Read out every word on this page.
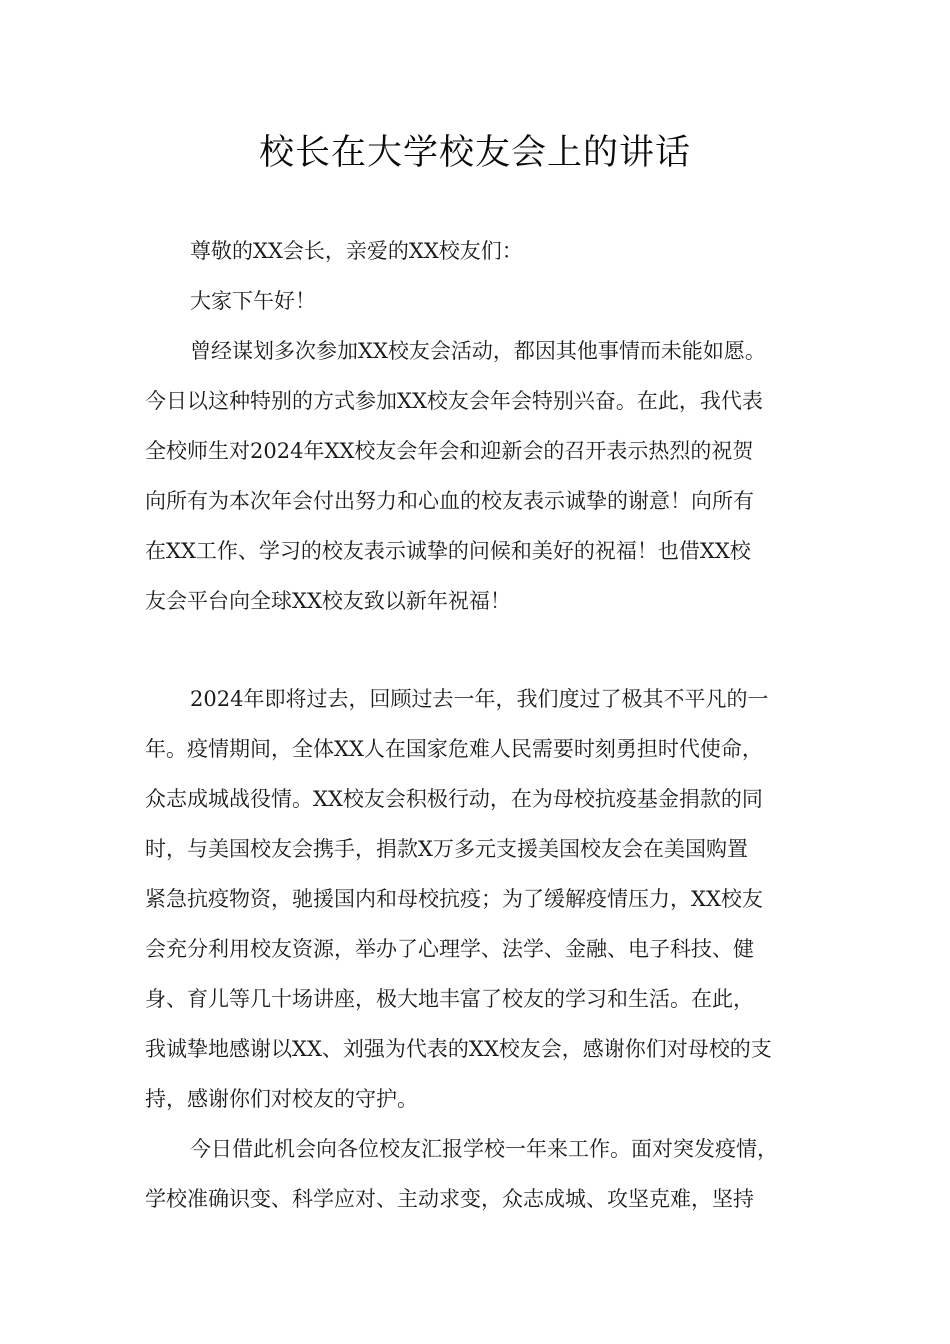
校长在大学校友会上的讲话
尊敬的XX会长，亲爱的XX校友们：
大家下午好！
曾经谋划多次参加XX校友会活动，都因其他事情而未能如愿。
今日以这种特别的方式参加XX校友会年会特别兴奋。在此，我代表
全校师生对2024年XX校友会年会和迎新会的召开表示热烈的祝贺
向所有为本次年会付出努力和心血的校友表示诚挚的谢意！向所有
在XX工作、学习的校友表示诚挚的问候和美好的祝福！也借XX校
友会平台向全球XX校友致以新年祝福！
2024年即将过去，回顾过去一年，我们度过了极其不平凡的一
年。疫情期间，全体XX人在国家危难人民需要时刻勇担时代使命，
众志成城战役情。XX校友会积极行动，在为母校抗疫基金捐款的同
时，与美国校友会携手，捐款X万多元支援美国校友会在美国购置
紧急抗疫物资，驰援国内和母校抗疫；为了缓解疫情压力，XX校友
会充分利用校友资源，举办了心理学、法学、金融、电子科技、健
身、育儿等几十场讲座，极大地丰富了校友的学习和生活。在此，
我诚挚地感谢以XX、刘强为代表的XX校友会，感谢你们对母校的支
持，感谢你们对校友的守护。
今日借此机会向各位校友汇报学校一年来工作。面对突发疫情，
学校准确识变、科学应对、主动求变，众志成城、攻坚克难，坚持
